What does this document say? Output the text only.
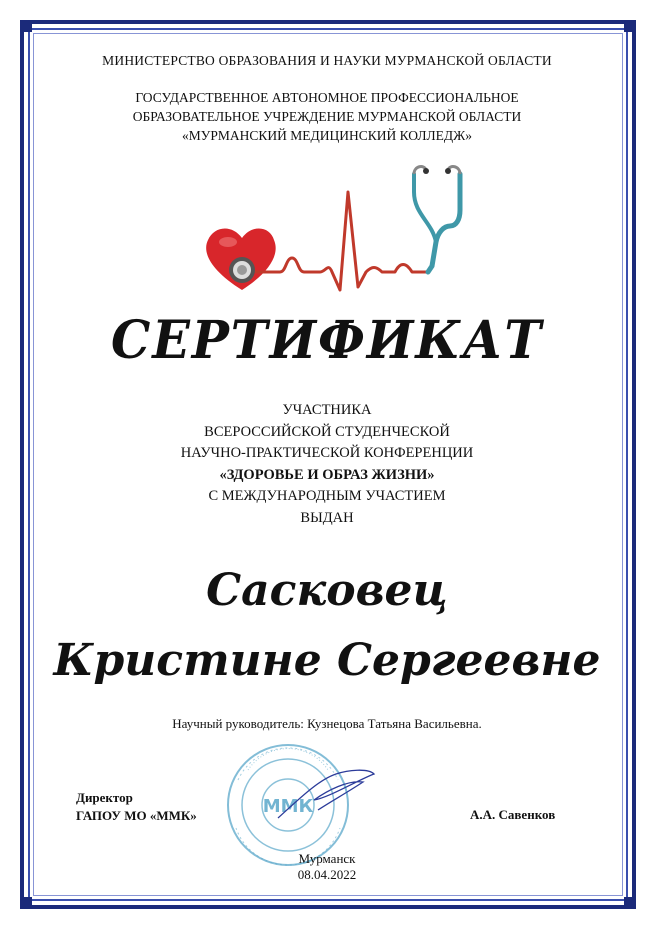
МИНИСТЕРСТВО ОБРАЗОВАНИЯ И НАУКИ МУРМАНСКОЙ ОБЛАСТИ
ГОСУДАРСТВЕННОЕ АВТОНОМНОЕ ПРОФЕССИОНАЛЬНОЕ
ОБРАЗОВАТЕЛЬНОЕ УЧРЕЖДЕНИЕ МУРМАНСКОЙ ОБЛАСТИ
«МУРМАНСКИЙ МЕДИЦИНСКИЙ КОЛЛЕДЖ»
СЕРТИФИКАТ
УЧАСТНИКА
ВСЕРОССИЙСКОЙ СТУДЕНЧЕСКОЙ
НАУЧНО-ПРАКТИЧЕСКОЙ КОНФЕРЕНЦИИ
«ЗДОРОВЬЕ И ОБРАЗ ЖИЗНИ»
С МЕЖДУНАРОДНЫМ УЧАСТИЕМ
ВЫДАН
Сасковец
Кристине Сергеевне
Научный руководитель: Кузнецова Татьяна Васильевна.
ММК
Директор
ГАПОУ МО «ММК»	А.А. Савенков
Мурманск
08.04.2022
